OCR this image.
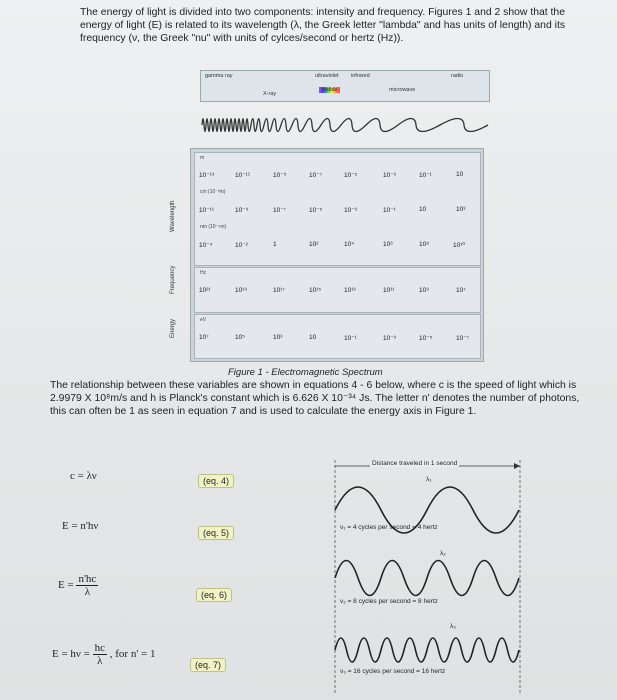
The energy of light is divided into two components: intensity and frequency. Figures 1 and 2 show that the energy of light (E) is related to its wavelength (λ, the Greek letter "lambda" and has units of length) and its frequency (ν, the Greek "nu" with units of cylces/second or hertz (Hz)).
gamma ray
X-ray
ultraviolet
visible
infrared
microwave
radio
m
cm (10⁻²m)
nm (10⁻⁹m)
Hz
eV
10⁻¹³	10⁻¹¹	10⁻⁹	10⁻⁷	10⁻⁵	10⁻³	10⁻¹	10
10⁻¹¹	10⁻⁹	10⁻⁷	10⁻⁵	10⁻³	10⁻¹	10	10³
10⁻⁴	10⁻²	1	10²	10⁴	10⁶	10⁸	10¹⁰
10²¹	10¹⁹	10¹⁷	10¹⁵	10¹³	10¹¹	10⁹	10⁷
10⁷	10⁵	10³	10	10⁻¹	10⁻³	10⁻⁵	10⁻⁷
Wavelength
Frequency
Energy
Figure 1 - Electromagnetic Spectrum
The relationship between these variables are shown in equations 4 - 6 below, where c is the speed of light which is 2.9979 X 10⁸m/s and h is Planck's constant which is 6.626 X 10⁻³⁴ Js. The letter n' denotes the number of photons, this can often be 1 as seen in equation 7 and is used to calculate the energy axis in Figure 1.
c = λν	(eq. 4)
E = n'hν
(eq. 5)
$E = \frac{n'hc}{\lambda}$	(eq. 6)
$E = h\nu = \frac{hc}{\lambda}$ , for n' = 1
(eq. 7)
Distance traveled in 1 second
λ₁
ν₁ = 4 cycles per second = 4 hertz
λ₂
ν₂ = 8 cycles per second = 8 hertz
λ₃
ν₃ = 16 cycles per second = 16 hertz
